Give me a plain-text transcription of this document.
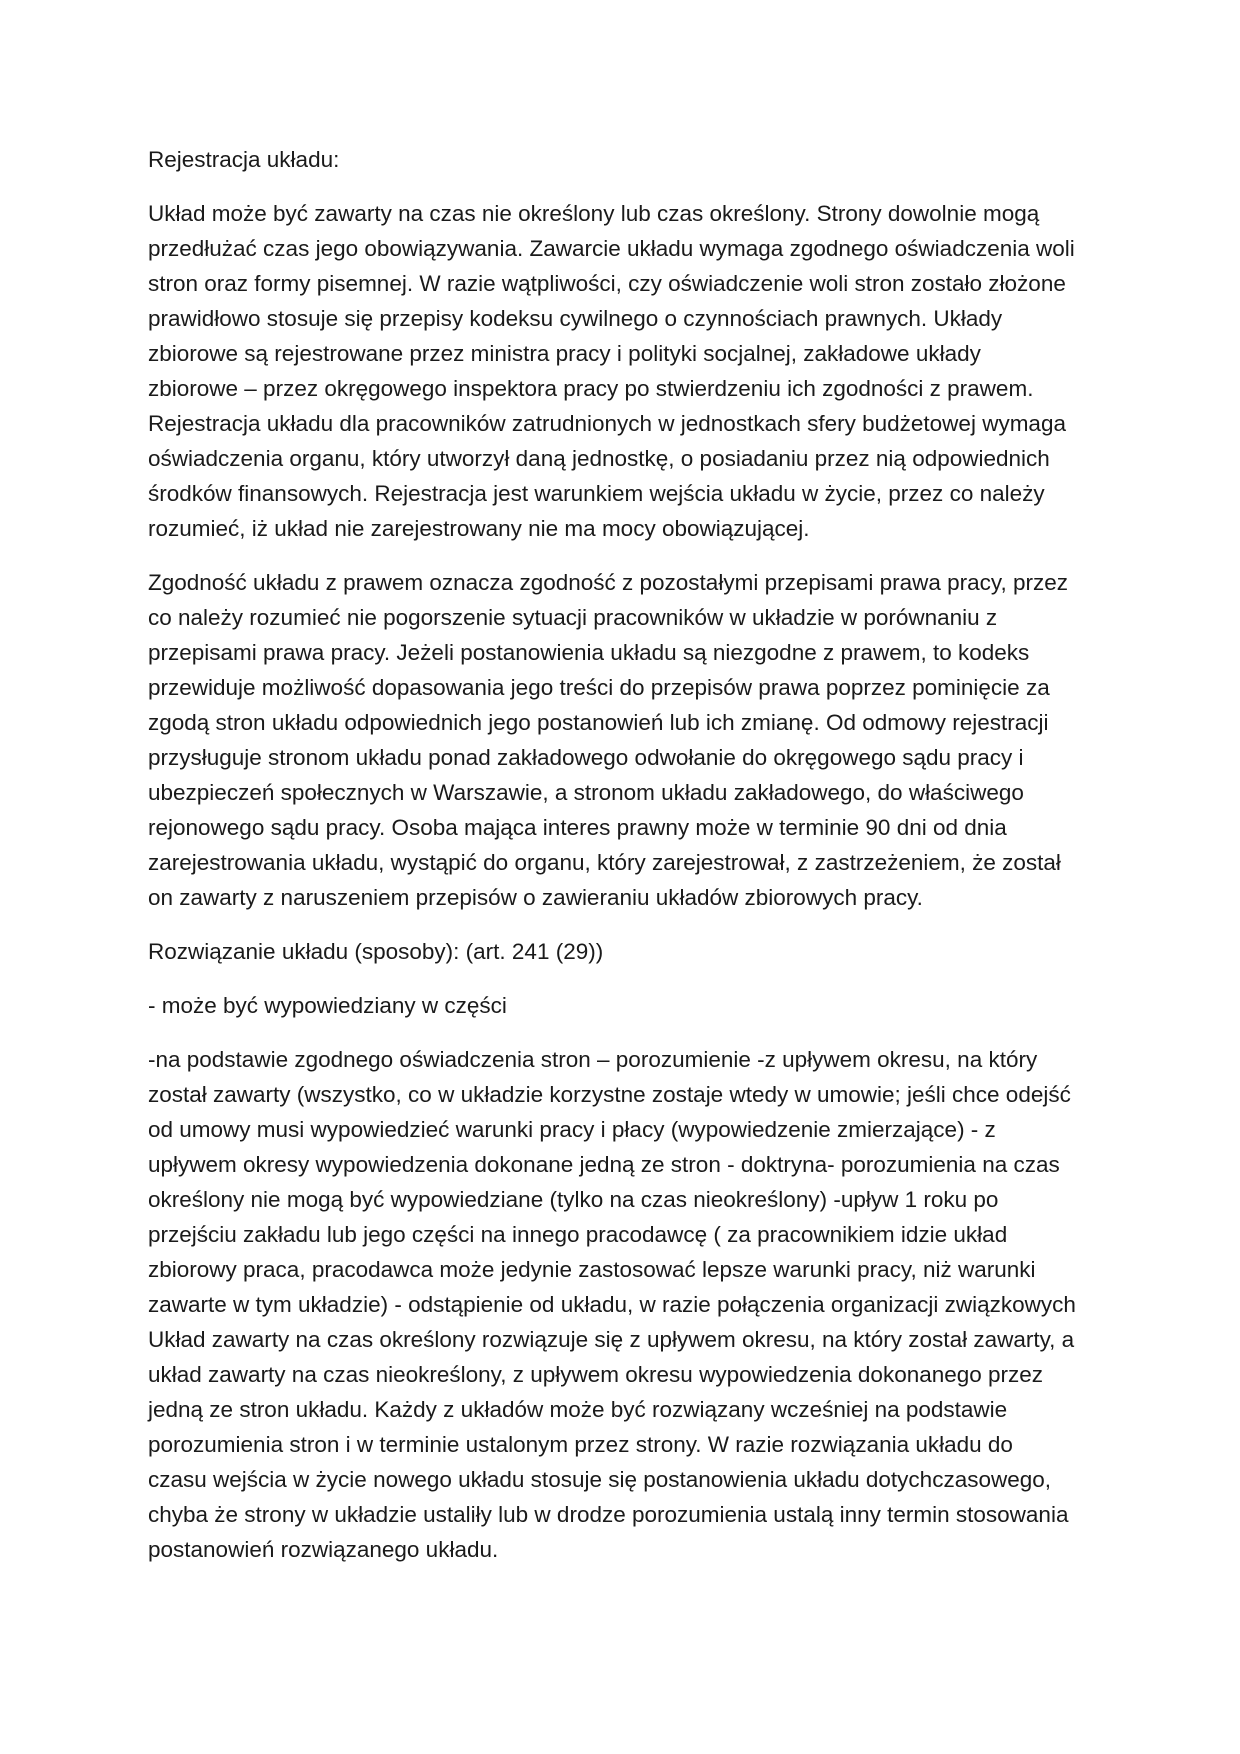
Rejestracja układu:

Układ może być zawarty na czas nie określony lub czas określony. Strony dowolnie mogą
przedłużać czas jego obowiązywania. Zawarcie układu wymaga zgodnego oświadczenia woli
stron oraz formy pisemnej. W razie wątpliwości, czy oświadczenie woli stron zostało złożone
prawidłowo stosuje się przepisy kodeksu cywilnego o czynnościach prawnych. Układy
zbiorowe są rejestrowane przez ministra pracy i polityki socjalnej, zakładowe układy
zbiorowe – przez okręgowego inspektora pracy po stwierdzeniu ich zgodności z prawem.
Rejestracja układu dla pracowników zatrudnionych w jednostkach sfery budżetowej wymaga
oświadczenia organu, który utworzył daną jednostkę, o posiadaniu przez nią odpowiednich
środków finansowych. Rejestracja jest warunkiem wejścia układu w życie, przez co należy
rozumieć, iż układ nie zarejestrowany nie ma mocy obowiązującej.

Zgodność układu z prawem oznacza zgodność z pozostałymi przepisami prawa pracy, przez
co należy rozumieć nie pogorszenie sytuacji pracowników w układzie w porównaniu z
przepisami prawa pracy. Jeżeli postanowienia układu są niezgodne z prawem, to kodeks
przewiduje możliwość dopasowania jego treści do przepisów prawa poprzez pominięcie za
zgodą stron układu odpowiednich jego postanowień lub ich zmianę. Od odmowy rejestracji
przysługuje stronom układu ponad zakładowego odwołanie do okręgowego sądu pracy i
ubezpieczeń społecznych w Warszawie, a stronom układu zakładowego, do właściwego
rejonowego sądu pracy. Osoba mająca interes prawny może w terminie 90 dni od dnia
zarejestrowania układu, wystąpić do organu, który zarejestrował, z zastrzeżeniem, że został
on zawarty z naruszeniem przepisów o zawieraniu układów zbiorowych pracy.

Rozwiązanie układu (sposoby): (art. 241 (29))

- może być wypowiedziany w części

-na podstawie zgodnego oświadczenia stron – porozumienie -z upływem okresu, na który
został zawarty (wszystko, co w układzie korzystne zostaje wtedy w umowie; jeśli chce odejść
od umowy musi wypowiedzieć warunki pracy i płacy (wypowiedzenie zmierzające) - z
upływem okresy wypowiedzenia dokonane jedną ze stron - doktryna- porozumienia na czas
określony nie mogą być wypowiedziane (tylko na czas nieokreślony) -upływ 1 roku po
przejściu zakładu lub jego części na innego pracodawcę ( za pracownikiem idzie układ
zbiorowy praca, pracodawca może jedynie zastosować lepsze warunki pracy, niż warunki
zawarte w tym układzie) - odstąpienie od układu, w razie połączenia organizacji związkowych
Układ zawarty na czas określony rozwiązuje się z upływem okresu, na który został zawarty, a
układ zawarty na czas nieokreślony, z upływem okresu wypowiedzenia dokonanego przez
jedną ze stron układu. Każdy z układów może być rozwiązany wcześniej na podstawie
porozumienia stron i w terminie ustalonym przez strony. W razie rozwiązania układu do
czasu wejścia w życie nowego układu stosuje się postanowienia układu dotychczasowego,
chyba że strony w układzie ustaliły lub w drodze porozumienia ustalą inny termin stosowania
postanowień rozwiązanego układu.
